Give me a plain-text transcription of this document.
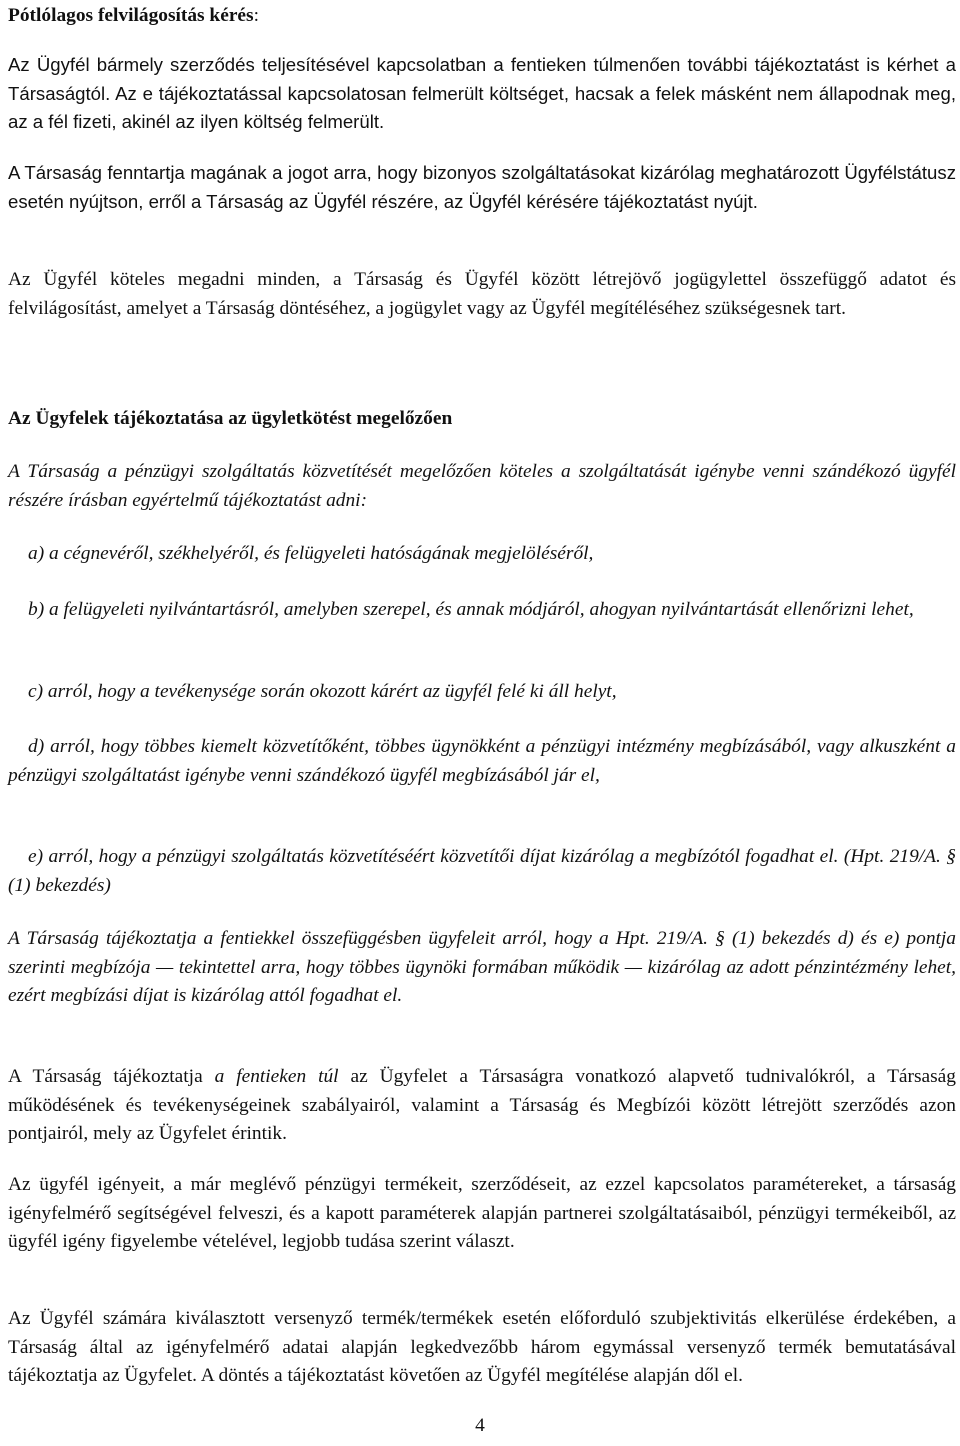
Pótlólagos felvilágosítás kérés:

Az Ügyfél bármely szerződés teljesítésével kapcsolatban a fentieken túlmenően további tájékoztatást is kérhet a Társaságtól. Az e tájékoztatással kapcsolatosan felmerült költséget, hacsak a felek másként nem állapodnak meg, az a fél fizeti, akinél az ilyen költség felmerült.

A Társaság fenntartja magának a jogot arra, hogy bizonyos szolgáltatásokat kizárólag meghatározott Ügyfélstátusz esetén nyújtson, erről a Társaság az Ügyfél részére, az Ügyfél kérésére tájékoztatást nyújt.

Az Ügyfél köteles megadni minden, a Társaság és Ügyfél között létrejövő jogügylettel összefüggő adatot és felvilágosítást, amelyet a Társaság döntéséhez, a jogügylet vagy az Ügyfél megítéléséhez szükségesnek tart.

Az Ügyfelek tájékoztatása az ügyletkötést megelőzően

A Társaság a pénzügyi szolgáltatás közvetítését megelőzően köteles a szolgáltatását igénybe venni szándékozó ügyfél részére írásban egyértelmű tájékoztatást adni:

a) a cégnevéről, székhelyéről, és felügyeleti hatóságának megjelöléséről,

b) a felügyeleti nyilvántartásról, amelyben szerepel, és annak módjáról, ahogyan nyilvántartását ellenőrizni lehet,

c) arról, hogy a tevékenysége során okozott kárért az ügyfél felé ki áll helyt,

d) arról, hogy többes kiemelt közvetítőként, többes ügynökként a pénzügyi intézmény megbízásából, vagy alkuszként a pénzügyi szolgáltatást igénybe venni szándékozó ügyfél megbízásából jár el,

e) arról, hogy a pénzügyi szolgáltatás közvetítéséért közvetítői díjat kizárólag a megbízótól fogadhat el. (Hpt. 219/A. § (1) bekezdés)

A Társaság tájékoztatja a fentiekkel összefüggésben ügyfeleit arról, hogy a Hpt. 219/A. § (1) bekezdés d) és e) pontja szerinti megbízója — tekintettel arra, hogy többes ügynöki formában működik — kizárólag az adott pénzintézmény lehet, ezért megbízási díjat is kizárólag attól fogadhat el.

A Társaság tájékoztatja a fentieken túl az Ügyfelet a Társaságra vonatkozó alapvető tudnivalókról, a Társaság működésének és tevékenységeinek szabályairól, valamint a Társaság és Megbízói között létrejött szerződés azon pontjairól, mely az Ügyfelet érintik.

Az ügyfél igényeit, a már meglévő pénzügyi termékeit, szerződéseit, az ezzel kapcsolatos paramétereket, a társaság igényfelmérő segítségével felveszi, és a kapott paraméterek alapján partnerei szolgáltatásaiból, pénzügyi termékeiből, az ügyfél igény figyelembe vételével, legjobb tudása szerint választ.

Az Ügyfél számára kiválasztott versenyző termék/termékek esetén előforduló szubjektivitás elkerülése érdekében, a Társaság által az igényfelmérő adatai alapján legkedvezőbb három egymással versenyző termék bemutatásával tájékoztatja az Ügyfelet. A döntés a tájékoztatást követően az Ügyfél megítélése alapján dől el.

4
